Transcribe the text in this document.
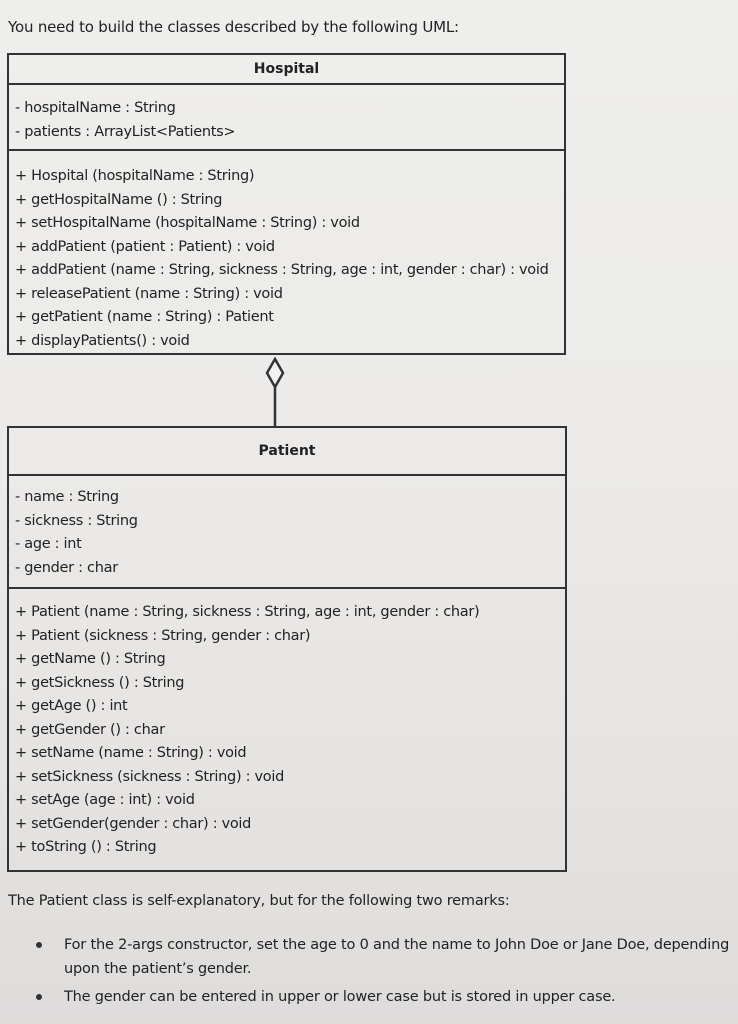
You need to build the classes described by the following UML:
Hospital
- hospitalName : String
- patients : ArrayList<Patients>
+ Hospital (hospitalName : String)
+ getHospitalName () : String
+ setHospitalName (hospitalName : String) : void
+ addPatient (patient : Patient) : void
+ addPatient (name : String, sickness : String, age : int, gender : char) : void
+ releasePatient (name : String) : void
+ getPatient (name : String) : Patient
+ displayPatients() : void
Patient
- name : String
- sickness : String
- age : int
- gender : char
+ Patient (name : String, sickness : String, age : int, gender : char)
+ Patient (sickness : String, gender : char)
+ getName () : String
+ getSickness () : String
+ getAge () : int
+ getGender () : char
+ setName (name : String) : void
+ setSickness (sickness : String) : void
+ setAge (age : int) : void
+ setGender(gender : char) : void
+ toString () : String
The Patient class is self-explanatory, but for the following two remarks:
For the 2-args constructor, set the age to 0 and the name to John Doe or Jane Doe, depending upon the patient’s gender.
The gender can be entered in upper or lower case but is stored in upper case.
